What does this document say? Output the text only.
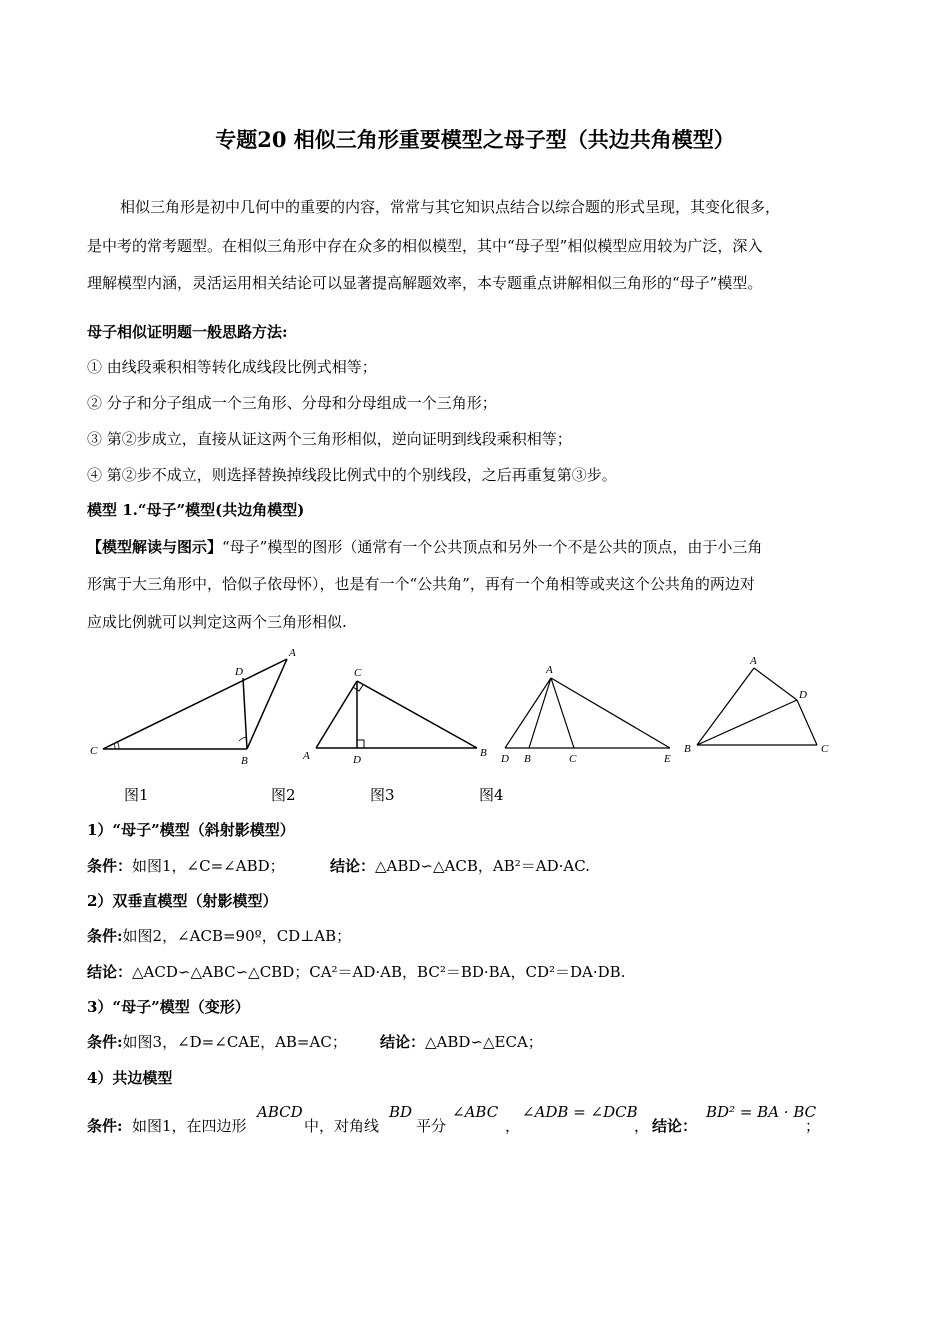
专题20 相似三角形重要模型之母子型（共边共角模型）

相似三角形是初中几何中的重要的内容，常常与其它知识点结合以综合题的形式呈现，其变化很多，

是中考的常考题型。在相似三角形中存在众多的相似模型，其中“母子型”相似模型应用较为广泛，深入

理解模型内涵，灵活运用相关结论可以显著提高解题效率，本专题重点讲解相似三角形的“母子”模型。

母子相似证明题一般思路方法:

① 由线段乘积相等转化成线段比例式相等；

② 分子和分子组成一个三角形、分母和分母组成一个三角形；

③ 第②步成立，直接从证这两个三角形相似，逆向证明到线段乘积相等；

④ 第②步不成立，则选择替换掉线段比例式中的个别线段，之后再重复第③步。

模型 1.“母子”模型(共边角模型)

【模型解读与图示】“母子”模型的图形（通常有一个公共顶点和另外一个不是公共的顶点，由于小三角

形寓于大三角形中，恰似子依母怀），也是有一个“公共角”，再有一个角相等或夹这个公共角的两边对

应成比例就可以判定这两个三角形相似.

A
D
C
B
C
A	D
B
A
D B	C	E
A
D
B	C
图1	图2	图3	图4

1）“母子”模型（斜射影模型）

条件：如图1，∠C=∠ABD；	结论：△ABD∽△ACB，AB²＝AD·AC.

2）双垂直模型（射影模型）

条件:如图2，∠ACB=90º，CD⊥AB；

结论：△ACD∽△ABC∽△CBD；CA²＝AD·AB，BC²＝BD·BA，CD²＝DA·DB.

3）“母子”模型（变形）

条件:如图3，∠D=∠CAE，AB=AC； 结论：△ABD∽△ECA；

4）共边模型

条件: 如图1，在四边形
ABCD
中，对角线
BD
平分
∠ABC
，
∠ADB = ∠DCB
， 结论：
BD² = BA · BC
；
